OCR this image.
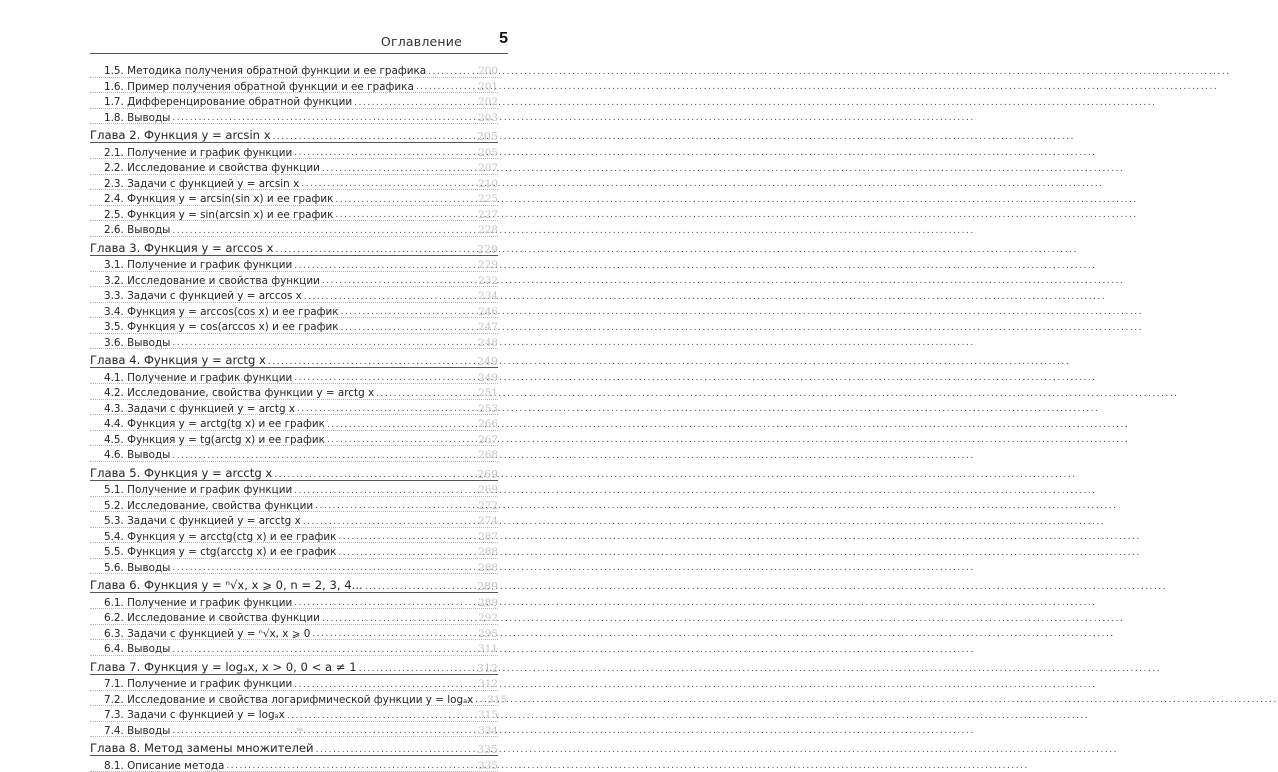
Оглавление 5
1.5. Методика получения обратной функции и ее графика .....	200
1.6. Пример получения обратной функции и ее графика .....	201
1.7. Дифференцирование обратной функции .....	202
1.8. Выводы .....	203
Глава 2. Функция y = arcsin x .....	205
2.1. Получение и график функции .....	205
2.2. Исследование и свойства функции .....	207
2.3. Задачи с функцией y = arcsin x .....	210
2.4. Функция y = arcsin(sin x) и ее график .....	225
2.5. Функция y = sin(arcsin x) и ее график .....	227
2.6. Выводы .....	228
Глава 3. Функция y = arccos x .....	229
3.1. Получение и график функции .....	229
3.2. Исследование и свойства функции .....	232
3.3. Задачи с функцией y = arccos x .....	234
3.4. Функция y = arccos(cos x) и ее график .....	246
3.5. Функция y = cos(arccos x) и ее график .....	247
3.6. Выводы .....	248
Глава 4. Функция y = arctg x .....	249
4.1. Получение и график функции .....	249
4.2. Исследование, свойства функции y = arctg x .....	251
4.3. Задачи с функцией y = arctg x .....	253
4.4. Функция y = arctg(tg x) и ее график .....	266
4.5. Функция y = tg(arctg x) и ее график .....	267
4.6. Выводы .....	268
Глава 5. Функция y = arcctg x .....	269
5.1. Получение и график функции .....	269
5.2. Исследование, свойства функции .....	272
5.3. Задачи с функцией y = arcctg x .....	274
5.4. Функция y = arcctg(ctg x) и ее график .....	287
5.5. Функция y = ctg(arcctg x) и ее график .....	288
5.6. Выводы .....	288
Глава 6. Функция y = ⁿ√x, x ⩾ 0, n = 2, 3, 4... .....	289
6.1. Получение и график функции .....	289
6.2. Исследование и свойства функции .....	292
6.3. Задачи с функцией y = ⁿ√x, x ⩾ 0 .....	295
6.4. Выводы .....	311
Глава 7. Функция y = logₐx, x > 0, 0 < a ≠ 1 .....	312
7.1. Получение и график функции .....	312
7.2. Исследование и свойства логарифмической функции y = logₐx ..... 315
7.3. Задачи с функцией y = logₐx .....	315
7.4. Выводы .....	334
Глава 8. Метод замены множителей .....	335
8.1. Описание метода .....	335
